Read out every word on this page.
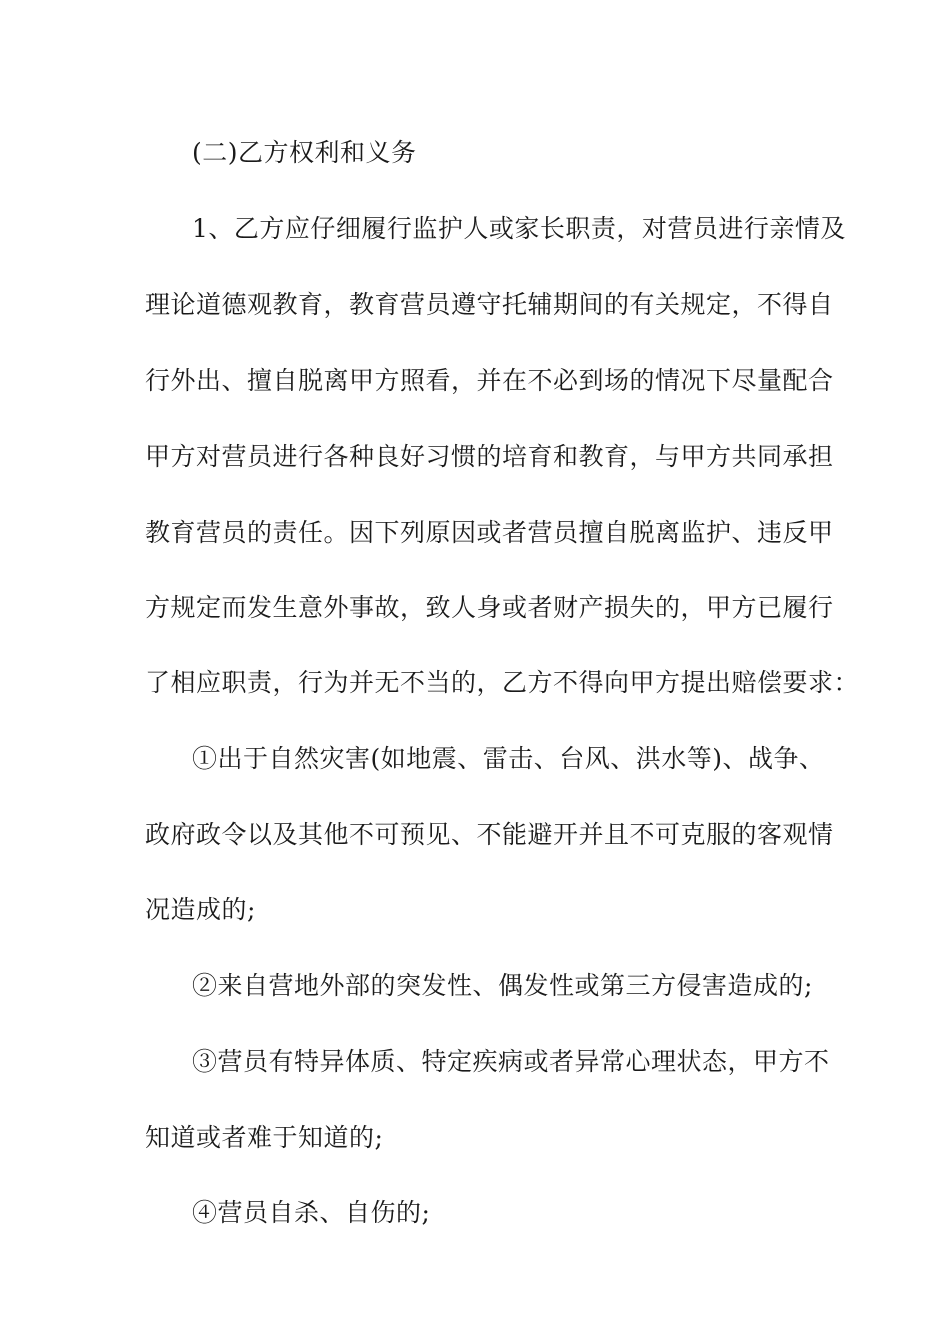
(二)乙方权利和义务
1、乙方应仔细履行监护人或家长职责，对营员进行亲情及
理论道德观教育，教育营员遵守托辅期间的有关规定，不得自
行外出、擅自脱离甲方照看，并在不必到场的情况下尽量配合
甲方对营员进行各种良好习惯的培育和教育，与甲方共同承担
教育营员的责任。因下列原因或者营员擅自脱离监护、违反甲
方规定而发生意外事故，致人身或者财产损失的，甲方已履行
了相应职责，行为并无不当的，乙方不得向甲方提出赔偿要求：
①出于自然灾害(如地震、雷击、台风、洪水等)、战争、
政府政令以及其他不可预见、不能避开并且不可克服的客观情
况造成的;
②来自营地外部的突发性、偶发性或第三方侵害造成的;
③营员有特异体质、特定疾病或者异常心理状态，甲方不
知道或者难于知道的;
④营员自杀、自伤的;
